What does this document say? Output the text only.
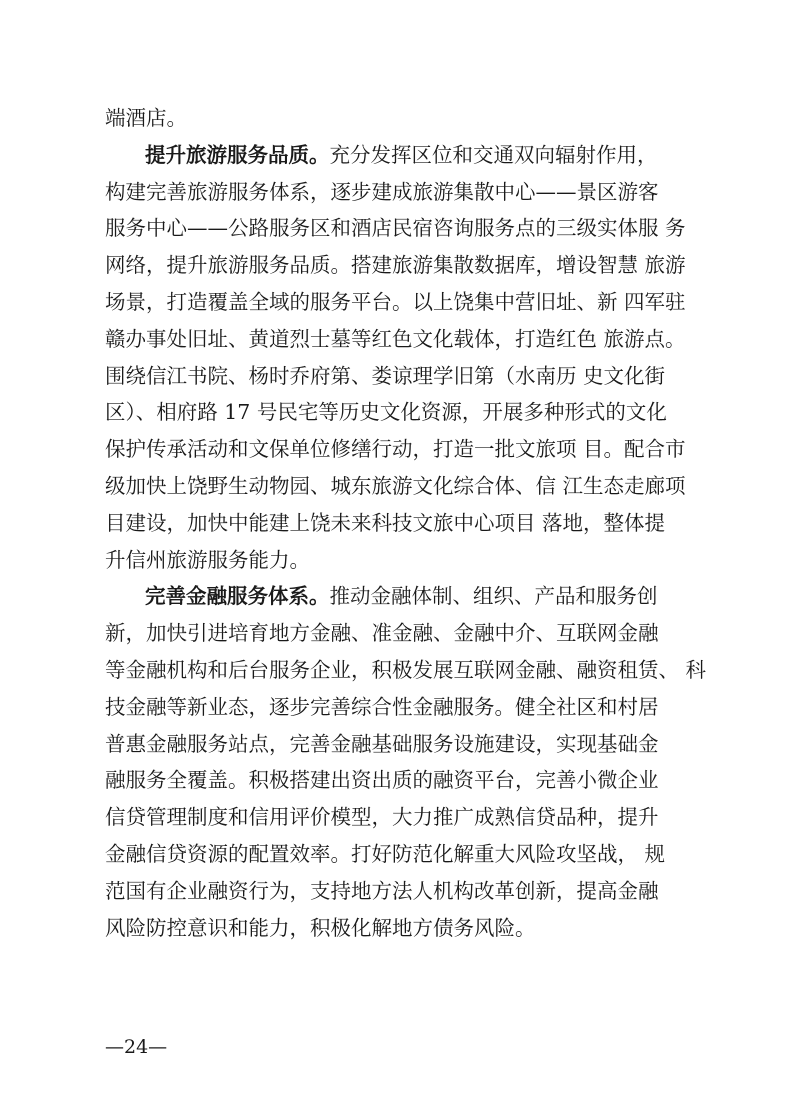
端酒店。
提升旅游服务品质。充分发挥区位和交通双向辐射作用，
构建完善旅游服务体系，逐步建成旅游集散中心——景区游客
服务中心——公路服务区和酒店民宿咨询服务点的三级实体服 务
网络，提升旅游服务品质。搭建旅游集散数据库，增设智慧 旅游
场景，打造覆盖全域的服务平台。以上饶集中营旧址、新 四军驻
赣办事处旧址、黄道烈士墓等红色文化载体，打造红色 旅游点。
围绕信江书院、杨时乔府第、娄谅理学旧第（水南历 史文化街
区）、相府路 17 号民宅等历史文化资源，开展多种形式的文化
保护传承活动和文保单位修缮行动，打造一批文旅项 目。配合市
级加快上饶野生动物园、城东旅游文化综合体、信 江生态走廊项
目建设，加快中能建上饶未来科技文旅中心项目 落地，整体提
升信州旅游服务能力。
完善金融服务体系。推动金融体制、组织、产品和服务创
新，加快引进培育地方金融、准金融、金融中介、互联网金融
等金融机构和后台服务企业，积极发展互联网金融、融资租赁、 科
技金融等新业态，逐步完善综合性金融服务。健全社区和村居
普惠金融服务站点，完善金融基础服务设施建设，实现基础金
融服务全覆盖。积极搭建出资出质的融资平台，完善小微企业
信贷管理制度和信用评价模型，大力推广成熟信贷品种，提升
金融信贷资源的配置效率。打好防范化解重大风险攻坚战， 规
范国有企业融资行为，支持地方法人机构改革创新，提高金融
风险防控意识和能力，积极化解地方债务风险。
—24—
